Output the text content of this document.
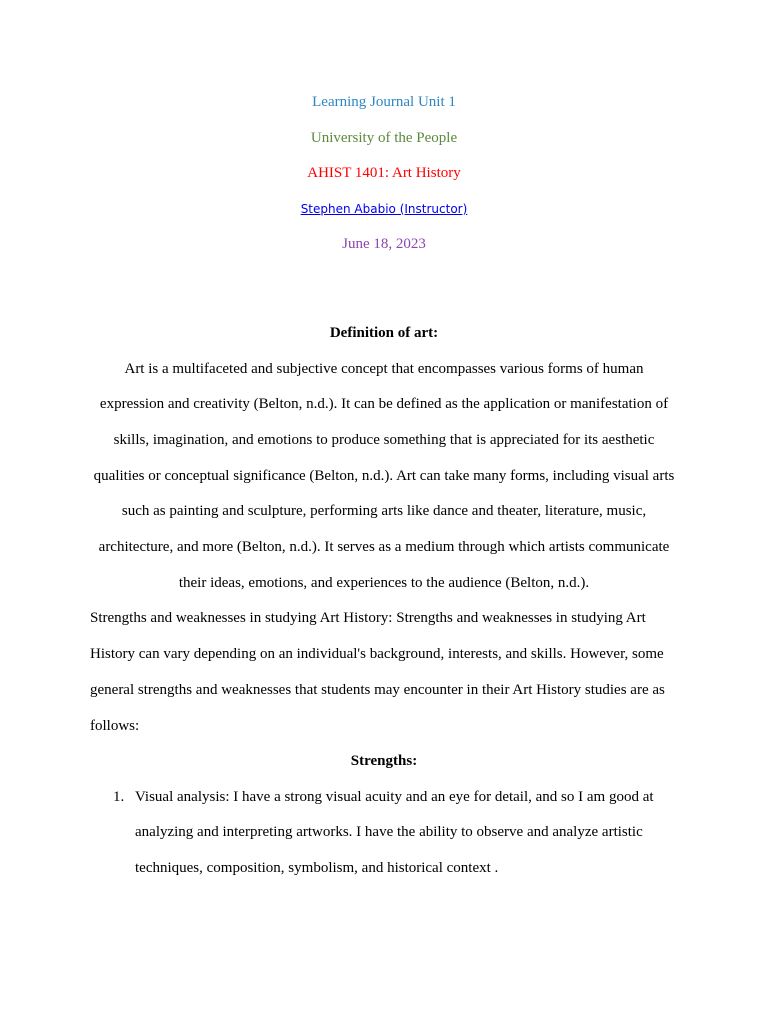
Learning Journal Unit 1
University of the People
AHIST 1401: Art History
Stephen Ababio (Instructor)
June 18, 2023
Definition of art:
Art is a multifaceted and subjective concept that encompasses various forms of human
expression and creativity (Belton, n.d.). It can be defined as the application or manifestation of
skills, imagination, and emotions to produce something that is appreciated for its aesthetic
qualities or conceptual significance (Belton, n.d.). Art can take many forms, including visual arts
such as painting and sculpture, performing arts like dance and theater, literature, music,
architecture, and more (Belton, n.d.). It serves as a medium through which artists communicate
their ideas, emotions, and experiences to the audience (Belton, n.d.).
Strengths and weaknesses in studying Art History: Strengths and weaknesses in studying Art
History can vary depending on an individual's background, interests, and skills. However, some
general strengths and weaknesses that students may encounter in their Art History studies are as
follows:
Strengths:
1. Visual analysis: I have a strong visual acuity and an eye for detail, and so I am good at
analyzing and interpreting artworks. I have the ability to observe and analyze artistic
techniques, composition, symbolism, and historical context .
